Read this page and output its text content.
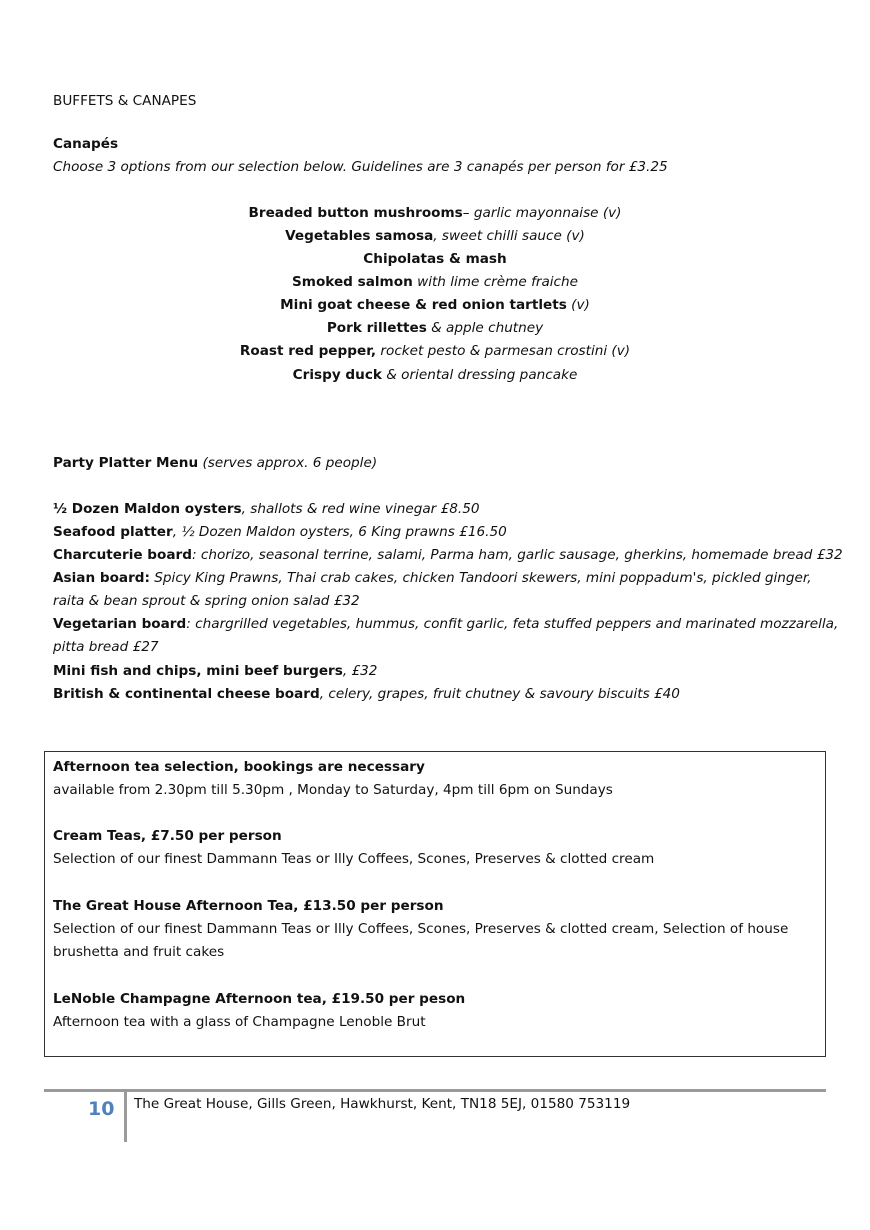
BUFFETS & CANAPES
Canapés
Choose 3 options from our selection below. Guidelines are 3 canapés per person for £3.25
Breaded button mushrooms– garlic mayonnaise (v)
Vegetables samosa, sweet chilli sauce (v)
Chipolatas & mash
Smoked salmon with lime crème fraiche
Mini goat cheese & red onion tartlets (v)
Pork rillettes & apple chutney
Roast red pepper, rocket pesto & parmesan crostini (v)
Crispy duck & oriental dressing pancake
Party Platter Menu (serves approx. 6 people)
½ Dozen Maldon oysters, shallots & red wine vinegar £8.50
Seafood platter, ½ Dozen Maldon oysters, 6 King prawns £16.50
Charcuterie board: chorizo, seasonal terrine, salami, Parma ham, garlic sausage, gherkins, homemade bread £32
Asian board: Spicy King Prawns, Thai crab cakes, chicken Tandoori skewers, mini poppadum's, pickled ginger,
raita & bean sprout & spring onion salad £32
Vegetarian board: chargrilled vegetables, hummus, confit garlic, feta stuffed peppers and marinated mozzarella,
pitta bread £27
Mini fish and chips, mini beef burgers, £32
British & continental cheese board, celery, grapes, fruit chutney & savoury biscuits £40
Afternoon tea selection, bookings are necessary
available from 2.30pm till 5.30pm , Monday to Saturday, 4pm till 6pm on Sundays
Cream Teas, £7.50 per person
Selection of our finest Dammann Teas or Illy Coffees, Scones, Preserves & clotted cream
The Great House Afternoon Tea, £13.50 per person
Selection of our finest Dammann Teas or Illy Coffees, Scones, Preserves & clotted cream, Selection of house
brushetta and fruit cakes
LeNoble Champagne Afternoon tea, £19.50 per peson
Afternoon tea with a glass of Champagne Lenoble Brut
10 The Great House, Gills Green, Hawkhurst, Kent, TN18 5EJ, 01580 753119
